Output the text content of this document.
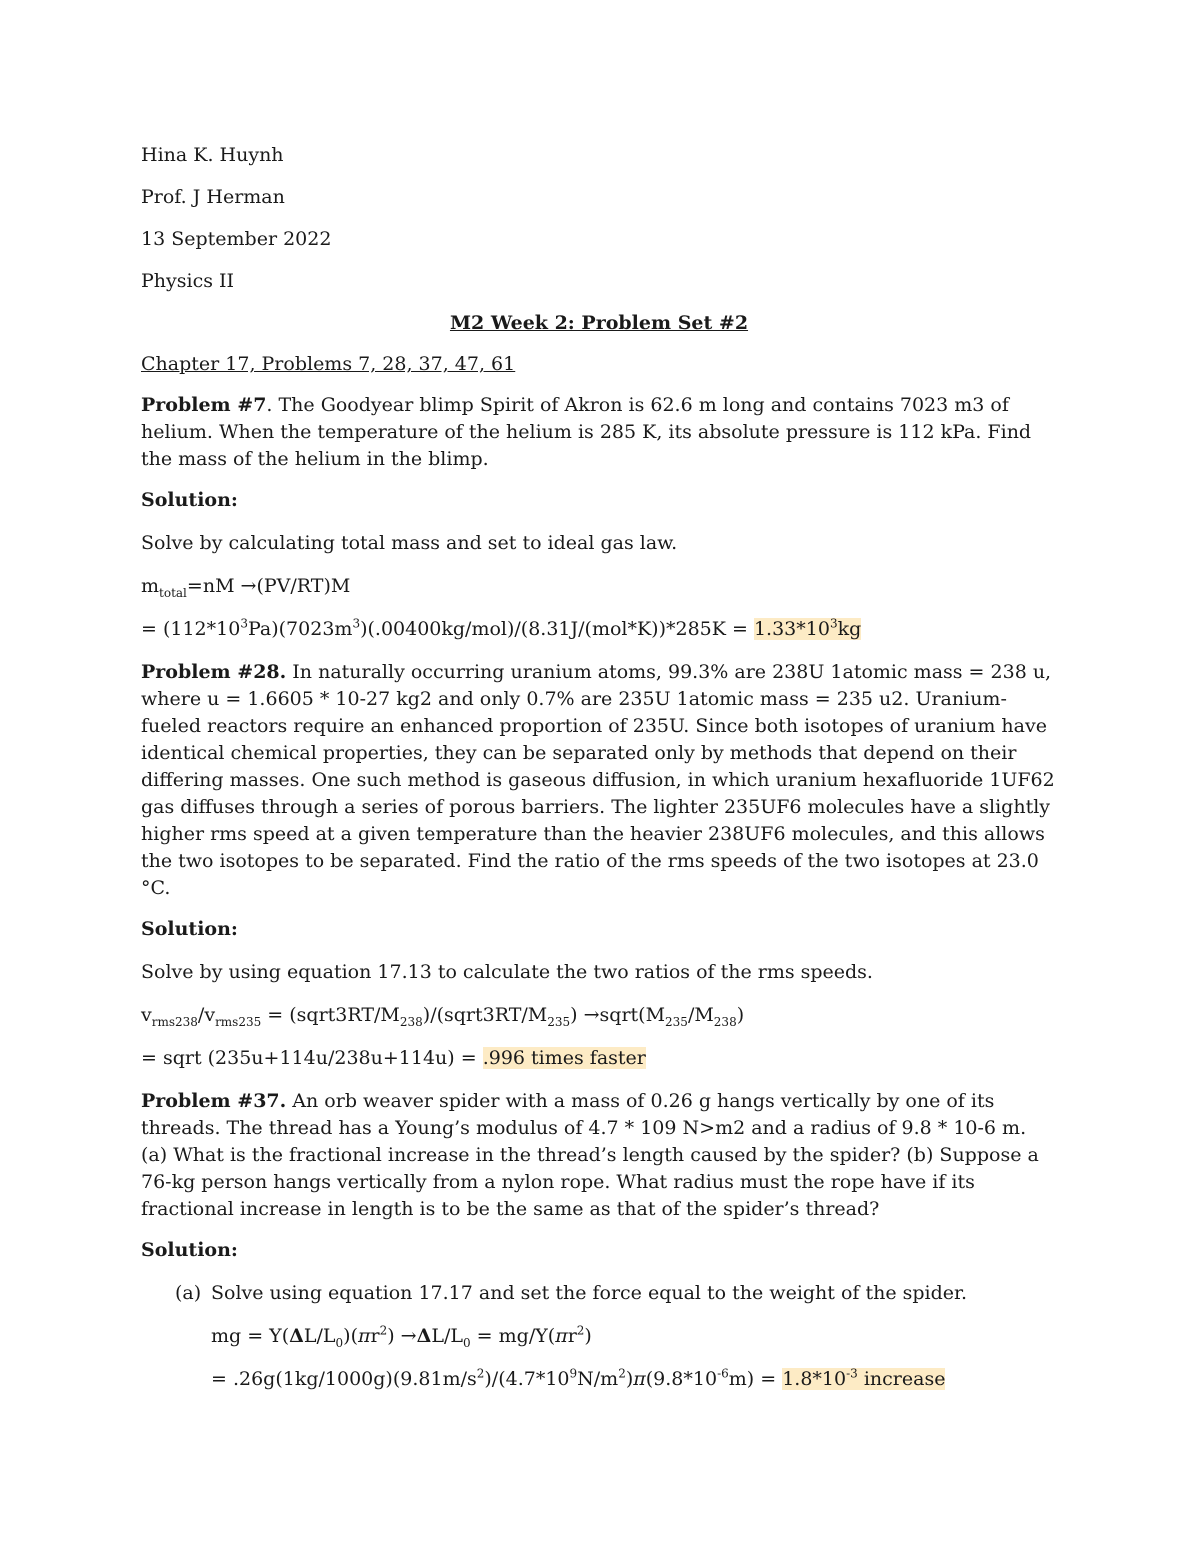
Hina K. Huynh

Prof. J Herman

13 September 2022

Physics II

M2 Week 2: Problem Set #2

Chapter 17, Problems 7, 28, 37, 47, 61

Problem #7. The Goodyear blimp Spirit of Akron is 62.6 m long and contains 7023 m3 of helium. When the temperature of the helium is 285 K, its absolute pressure is 112 kPa. Find the mass of the helium in the blimp.

Solution:

Solve by calculating total mass and set to ideal gas law.

$m_{total}=nM \to(PV/RT)M$

= $(112*10^3Pa)(7023m^3)(.00400kg/mol)/(8.31J/(mol*K))*285K = 1.33*10^3kg$

Problem #28. In naturally occurring uranium atoms, 99.3% are 238U 1atomic mass = 238 u, where u = 1.6605 * 10-27 kg2 and only 0.7% are 235U 1atomic mass = 235 u2. Uranium-fueled reactors require an enhanced proportion of 235U. Since both isotopes of uranium have identical chemical properties, they can be separated only by methods that depend on their differing masses. One such method is gaseous diffusion, in which uranium hexafluoride 1UF62 gas diffuses through a series of porous barriers. The lighter 235UF6 molecules have a slightly higher rms speed at a given temperature than the heavier 238UF6 molecules, and this allows the two isotopes to be separated. Find the ratio of the rms speeds of the two isotopes at 23.0 °C.

Solution:

Solve by using equation 17.13 to calculate the two ratios of the rms speeds.

$v_{rms238}/v_{rms235}$ = $(sqrt3RT/M_{238})/(sqrt3RT/M_{235})$ $\to sqrt(M_{235}/M_{238})$

= sqrt (235u+114u/238u+114u) = .996 times faster

Problem #37. An orb weaver spider with a mass of 0.26 g hangs vertically by one of its threads. The thread has a Young’s modulus of 4.7 * 109 N>m2 and a radius of 9.8 * 10-6 m. (a) What is the fractional increase in the thread’s length caused by the spider? (b) Suppose a 76-kg person hangs vertically from a nylon rope. What radius must the rope have if its fractional increase in length is to be the same as that of the spider’s thread?

Solution:

(a) Solve using equation 17.17 and set the force equal to the weight of the spider.

mg = $Y(\Delta L/L_0)(\pi r^2) \to\Delta L/L_0 = mg/Y(\pi r^2)$

= $.26g(1kg/1000g)(9.81m/s^2)/(4.7*10^9N/m^2)\pi(9.8*10^{-6}m) = 1.8*10^{-3}$ increase
